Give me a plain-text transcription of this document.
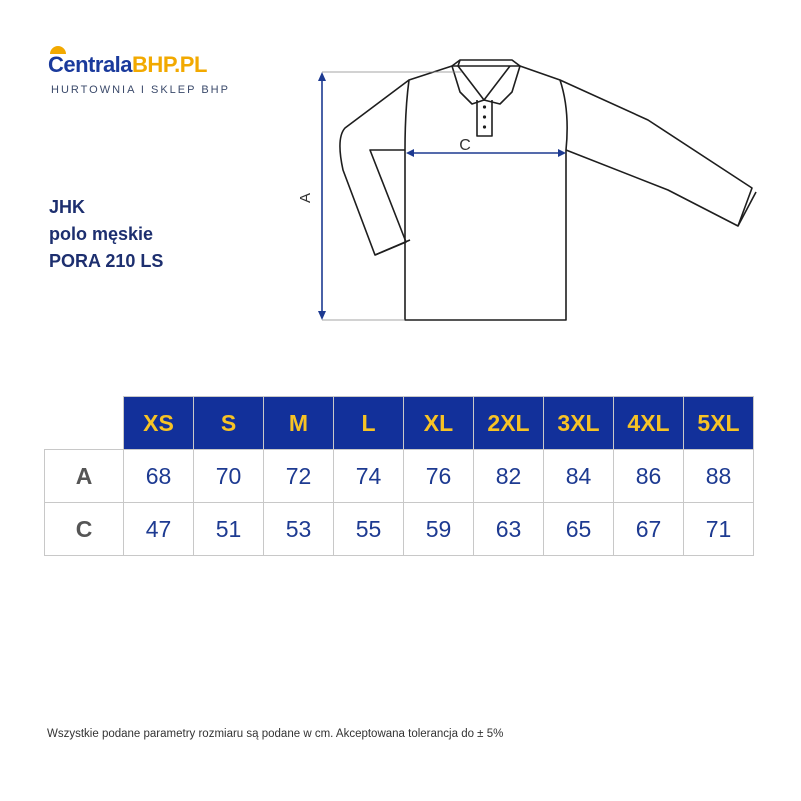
CentralaBHP.PL
HURTOWNIA I SKLEP BHP
JHK
polo męskie
PORA 210 LS
A
C
	XS	S	M	L	XL	2XL	3XL	4XL	5XL
A	68	70	72	74	76	82	84	86	88
C	47	51	53	55	59	63	65	67	71
Wszystkie podane parametry rozmiaru są podane w cm. Akceptowana tolerancja do ± 5%
